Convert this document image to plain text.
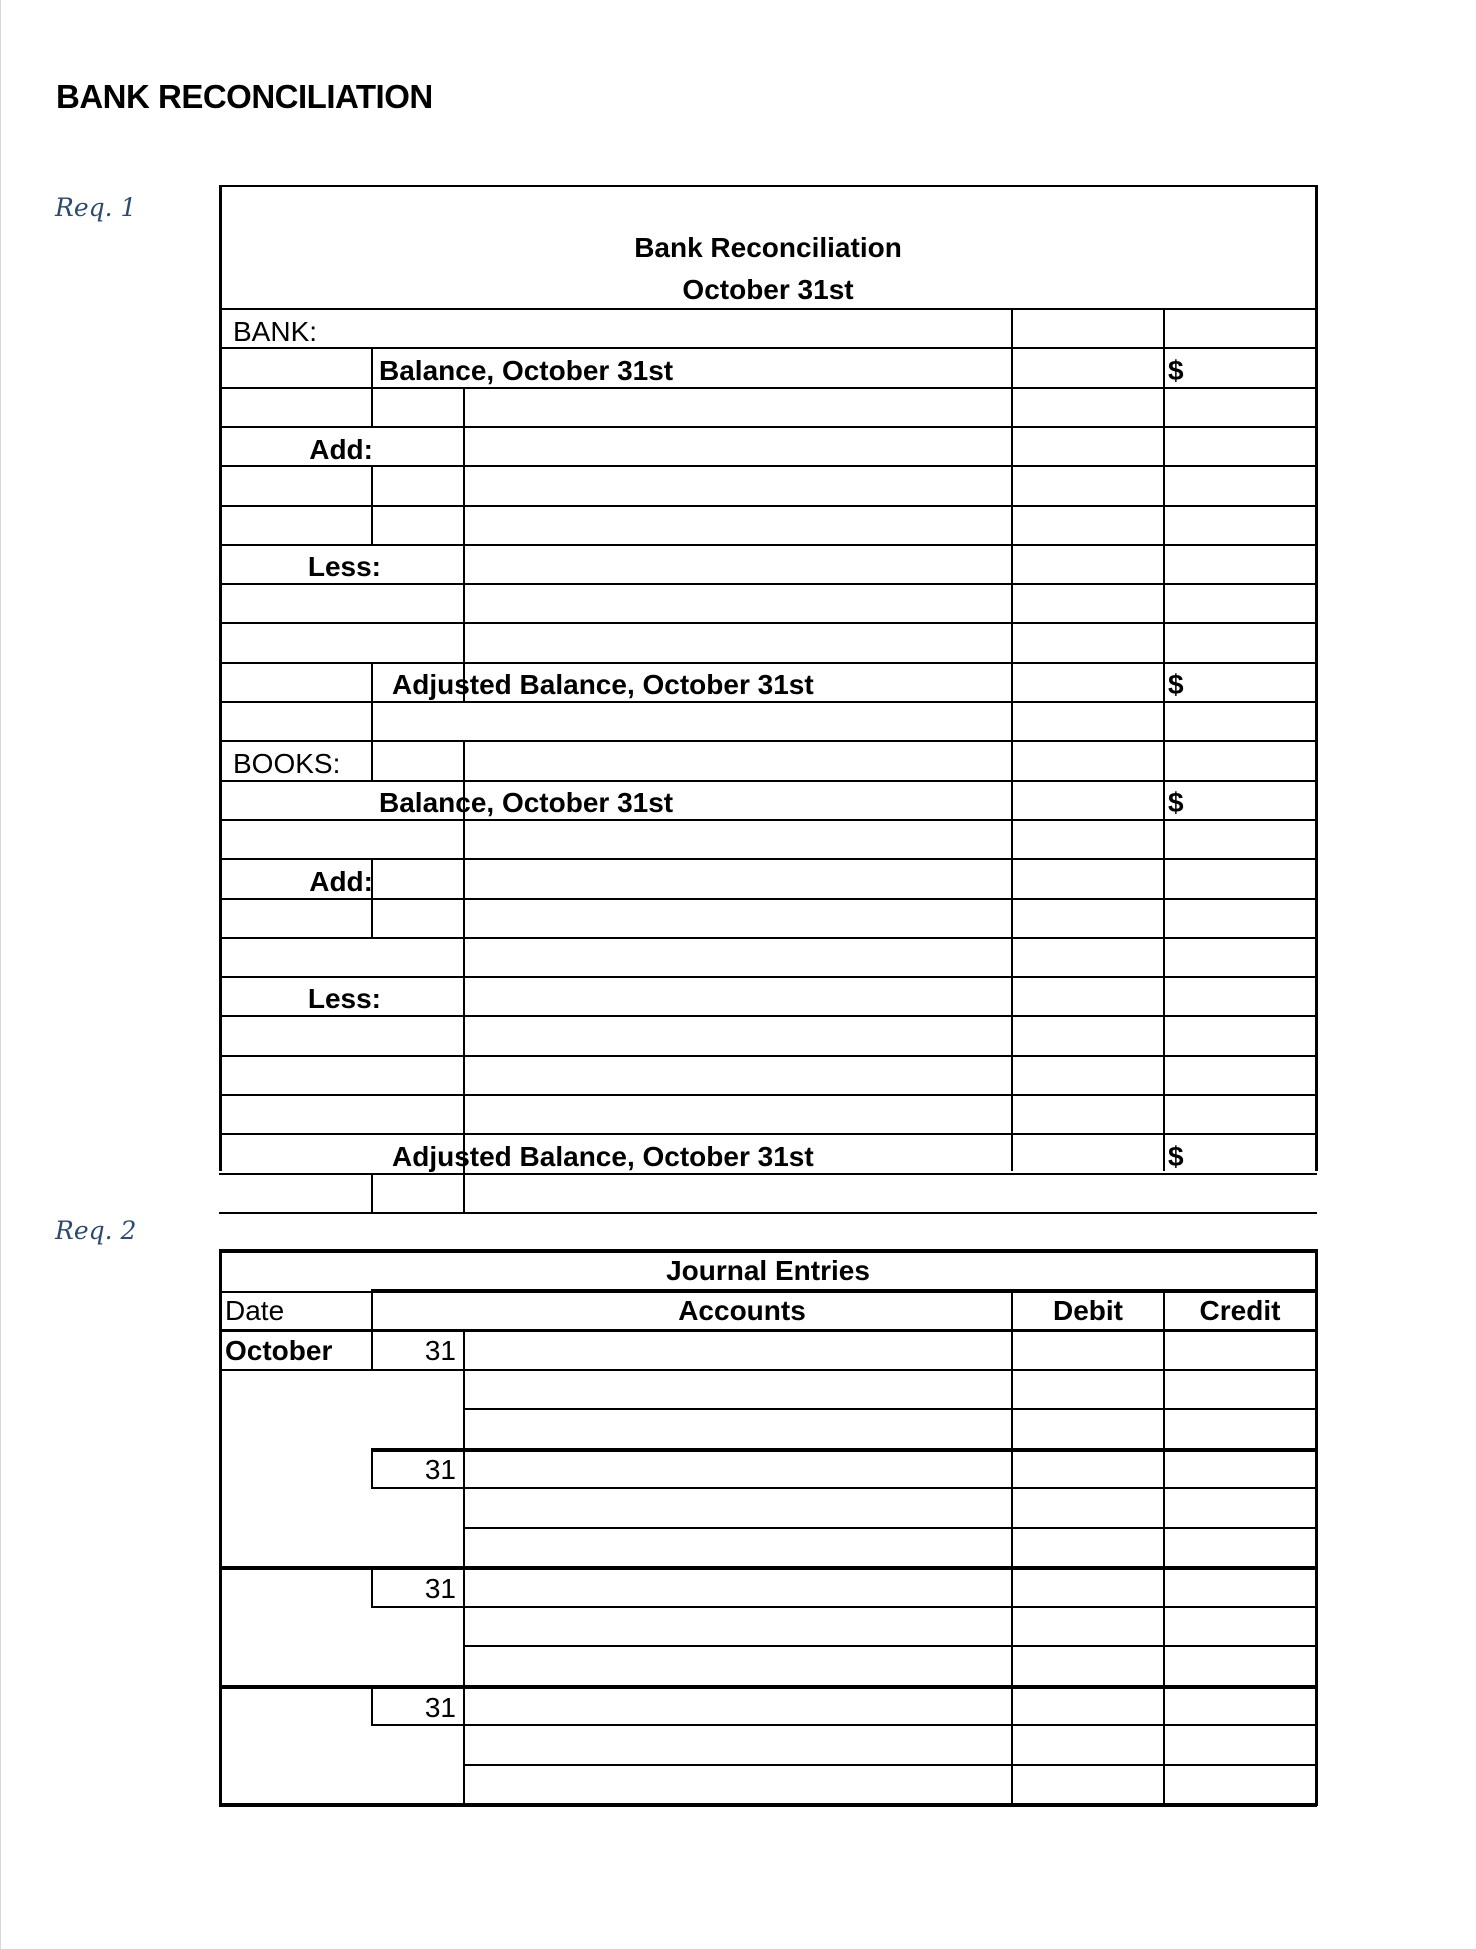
BANK RECONCILIATION
Req. 1
Req. 2
Bank Reconciliation
October 31st
BANK:
Balance, October 31st	$
Add:
Less:
Adjusted Balance, October 31st	$
BOOKS:
Balance, October 31st	$
Add:
Less:
Adjusted Balance, October 31st	$
Journal Entries
Date	Accounts	Debit	Credit
October	31
31
31
31
